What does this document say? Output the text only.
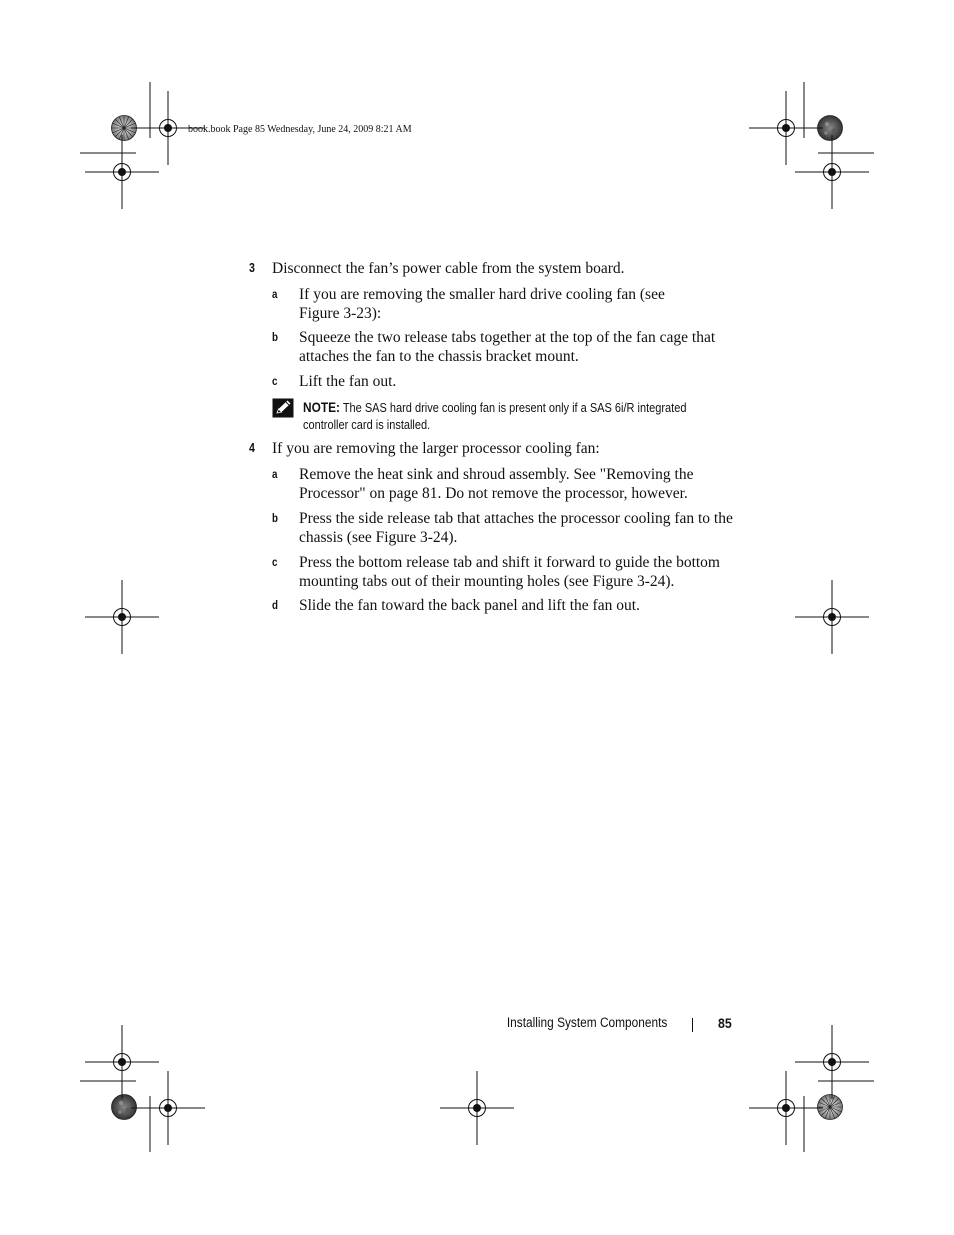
book.book Page 85 Wednesday, June 24, 2009 8:21 AM
3 Disconnect the fan’s power cable from the system board.
a If you are removing the smaller hard drive cooling fan (see
Figure 3-23):
b Squeeze the two release tabs together at the top of the fan cage that
attaches the fan to the chassis bracket mount.
c Lift the fan out.
NOTE: The SAS hard drive cooling fan is present only if a SAS 6i/R integrated
controller card is installed.
4 If you are removing the larger processor cooling fan:
a Remove the heat sink and shroud assembly. See "Removing the
Processor" on page 81. Do not remove the processor, however.
b Press the side release tab that attaches the processor cooling fan to the
chassis (see Figure 3-24).
c Press the bottom release tab and shift it forward to guide the bottom
mounting tabs out of their mounting holes (see Figure 3-24).
d Slide the fan toward the back panel and lift the fan out.
Installing System Components	85
